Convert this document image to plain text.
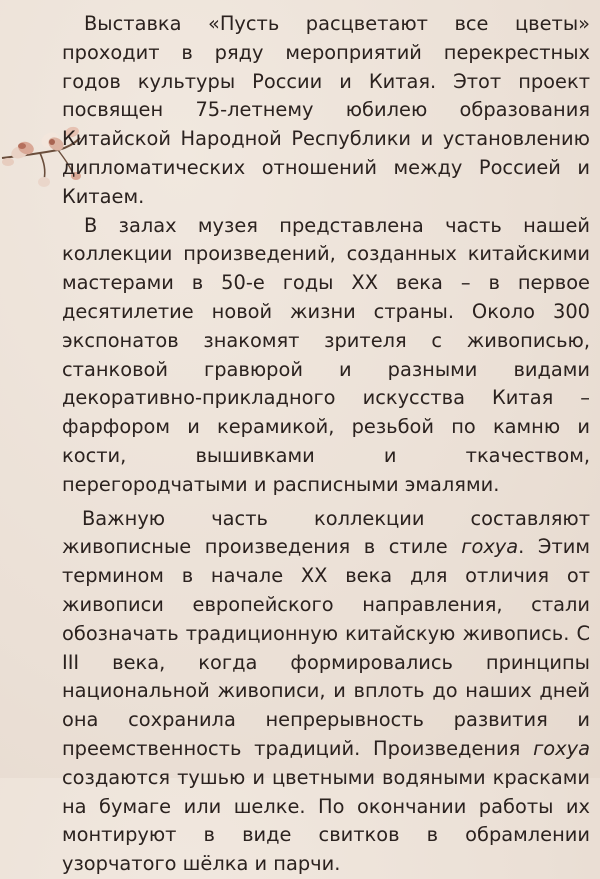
Выставка «Пусть расцветают все цветы» проходит в ряду мероприятий перекрестных годов культуры России и Китая. Этот проект посвящен 75-летнему юбилею образования Китайской Народной Республики и установлению дипломатических отношений между Россией и Китаем.

В залах музея представлена часть нашей коллекции произведений, созданных китайскими мастерами в 50-е годы XX века – в первое десятилетие новой жизни страны. Около 300 экспонатов знакомят зрителя с живописью, станковой гравюрой и разными видами декоративно-прикладного искусства Китая – фарфором и керамикой, резьбой по камню и кости, вышивками и ткачеством, перегородчатыми и расписными эмалями.

Важную часть коллекции составляют живописные произведения в стиле гохуа. Этим термином в начале XX века для отличия от живописи европейского направления, стали обозначать традиционную китайскую живопись. С III века, когда формировались принципы национальной живописи, и вплоть до наших дней она сохранила непрерывность развития и преемственность традиций. Произведения гохуа создаются тушью и цветными водяными красками на бумаге или шелке. По окончании работы их монтируют в виде свитков в обрамлении узорчатого шёлка и парчи.
